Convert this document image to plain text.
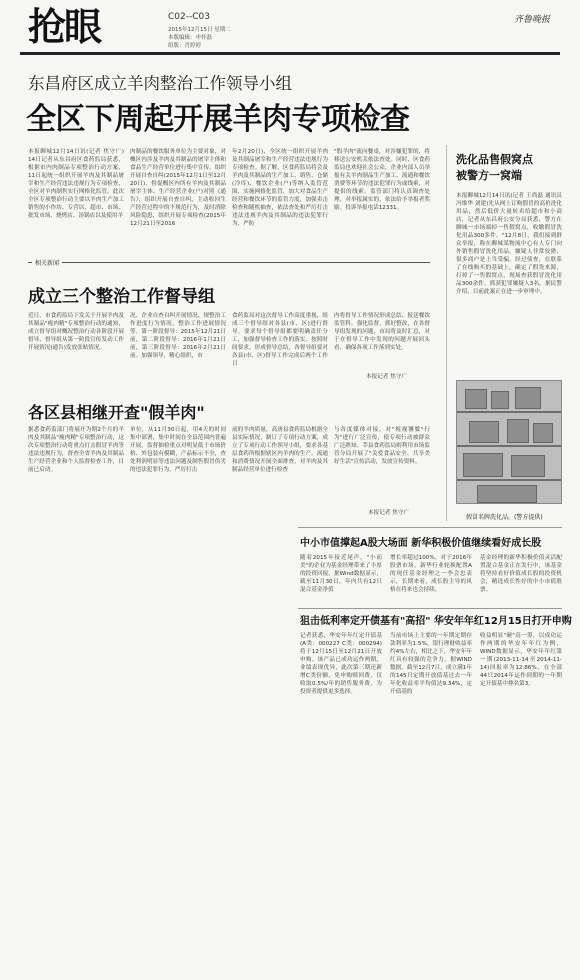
抢眼	C02--C03
2015年12月15日 星期二
本版编辑：申怀磊
组版：肖婷婷
齐鲁晚报
东昌府区成立羊肉整治工作领导小组
全区下周起开展羊肉专项检查
本报聊城12月14日讯(记者 焦守广) 14日记者从东昌府区食药监局获悉，根据市内肉制品专项整治行动方案，11日起统一组织开展羊肉及其制品屠宰和生产经营违法违规行为专项检查，全区对羊肉制售实行网格化监管。此次全区专项整治行动主要以羊肉生产加工销售的小作坊、专营店、超市、市场、批发市场、烧烤店、汤锅店以及使用羊
肉制品的餐饮服务单位为主要对象，对概区内涉及羊肉及其制品的屠宰主体和食品生产经营单位进行集中宣传，组织开展自查自纠(2015年12月1日至12月20日)、督促概区内所有羊肉及其制品屠宰主体、生产经营企业(户)对照《通告》，组织开展自查自纠，主动收回生产经营过程中的不规范行为，及时消除风险隐患，组织开展专项检查(2015年12月21日至2016
年2月20日)，全区统一组织开展羊肉及其制品屠宰和生产经营违法违规行为专项检查。据了解，区食药监局将会及羊肉及其制品的生产加工、销售、仓储(冷库)、餐饮企业(户)等纳入监管范围，实施网格化监管，加大对食品生产经营和餐饮环节的监管力度，加强卖击检查和随机抽查，依法查处和严厉打击违法违规羊肉及其制品的违法犯罪行为，严防
"假羊肉"流向餐桌，对涉嫌犯罪的，将移送公安机关依法查处。同时，区食药监局也欢迎社会公众、企业内部人员举报有关羊肉制品生产加工、流通和餐饮消费等环节的违法犯罪行为或线索，对提供的线索，监管部门将认真调查处理，对举报属实的，依法给予举报者奖励。投诉举报电话12331。
相关新闻
成立三个整治工作督导组
近日，市食药监局下发关于开展羊肉及其制品"瘦肉精"专项整治行动的通知，成立督导组对概况整治行动各阶段开展督导，督导组从第一阶段宣传发动工作开展情况(通告)发放张贴情况。
况、企业自查自纠开展情况、规整治工作进度行为情况，整治工作进展情况等。第一阶段督导：2015年12月21日前，第二阶段督导：2016年1月21日前，第三阶段督导：2016年2月21日前。加强领导，精心组织，市
食药监局对这次督导工作高度重视，组成三个督导组对各县(市、区)进行督导，要求每个督导组都要明确责任分工，加强督导检查工作的落实。按照时间要求，形成督导总结，各督导组要对各县(市、区)督导工作完成后两个工作日
内将督导工作情况形成总结，报送餐饮监管科。强化监督，抓好整改，在各督导组发现的问题，市局将及时汇总，对于在督导工作中发现的问题开展回头看，确保各项工作落到实处。
本报记者 焦守广
各区县相继开查"假羊肉"
据悉食药监部门将展开为期2个月的羊肉及其制品"瘦肉精"专项整治行动，这次专项整治行动将重点打击假冒羊肉等违法违规行为，督查全省羊肉及其制品生产经营企业和个人监督检查工作，目前已启动。
单位，从11月30日起，用4天的时间集中部署，集中时间在全县范围内普遍开展，监督抽检重点对明显低于市场价格、外包装有模糊，产品标示不全，查处利润明显等违法问题及制售假冒伪劣的违法犯罪行为，严厉打击
前的羊肉质量。高唐县食药监局根据全县实际情况，制订了专项行动方案，成立了专项行动工作领导小组，要求各基层食药所根据辖区内羊肉的生产、流通和消费情况开展全面排查，对羊肉及其制品经营单位进行检查
与各度媒体对接，对"视视饕餮"行为"进行广泛宣传，使专项行动被群众广泛熟知。莘县食药监局则利用市场监管分局开展了"关爱食品安全、共享美好生活"宣传活动，发放宣传资料。
本报记者 焦守广
洗化品售假窝点
被警方一窝端
本报聊城12月14日讯(记者 王尚磊 通讯员 冯维华 刘建)先从网上订购假冒的高价洗化用品，然后低价大量转卖给超市和小商店，记者从东昌府公安分局获悉，警方在聊城一市场端掉一售假窝点，收缴假冒洗化用品300多件。"12月8日，我们接到群众举报，称在聊城某物流中心有人专门向外销售假冒洗化用品，嫌疑人非常狡猾，很多商户是上当受骗，经过侦查，在联系了在线购买的基础上，确定了假货来源，打掉了一售假窝点，现场查获假冒洗化用品300余件，抓获犯罪嫌疑人3名。据民警介绍，目前此案正在进一步审理中。
假冒名牌洗化品。(警方提供)
中小市值撑起A股大场面 新华积极价值继续看好成长股
随着2015年接近尾声，"小而美"的企业为基金经理带来了丰厚的投资回报，据Wind数据显示，截至11月30日，年内共有12只混合基金净值
增长率超过100%，对于2016年股票市场，新华行业轮换配置A的现任基金经理之一李会忠表示，长期来看，成长股主导的风格在将来也会持续。
基金经理的新华积极价值灵活配置混合基金正在发行中，该基金将坚持看好价值成长股的投资机会，精选成长性好的中小市值股票。
狙击低利率定开债基有"高招" 华安年年红12月15日打开申购
记者获悉，华安年年红定开债基(A类：000227 C类：000294)将于12月15日至12月21日开放申购。该产品已成功运作两期，业绩表现优异，此次第三期还新增C类份额，免申购赎回费，仅收取0.5%/年的销售服务费，为投资者提供更多选择。
当前市场上主要的一年期定期存款利率为1.5%，银行理财收益率约4%左右，相比之下，华安年年红具有较强的竞争力。据WIND数据，截至12月7日，成立满1年的145只定期开放债基过去一年年化收益率平均值达9.34%，定开债基的
收益明显"硬"高一筹，以成功运作两期的华安年年红为例，WIND数据显示，华安年年红第一期(2013-11-14至2014-11-14)回报率为12.86%，在全部44只2014年运作到期的一年期定开债基中排名第3。
